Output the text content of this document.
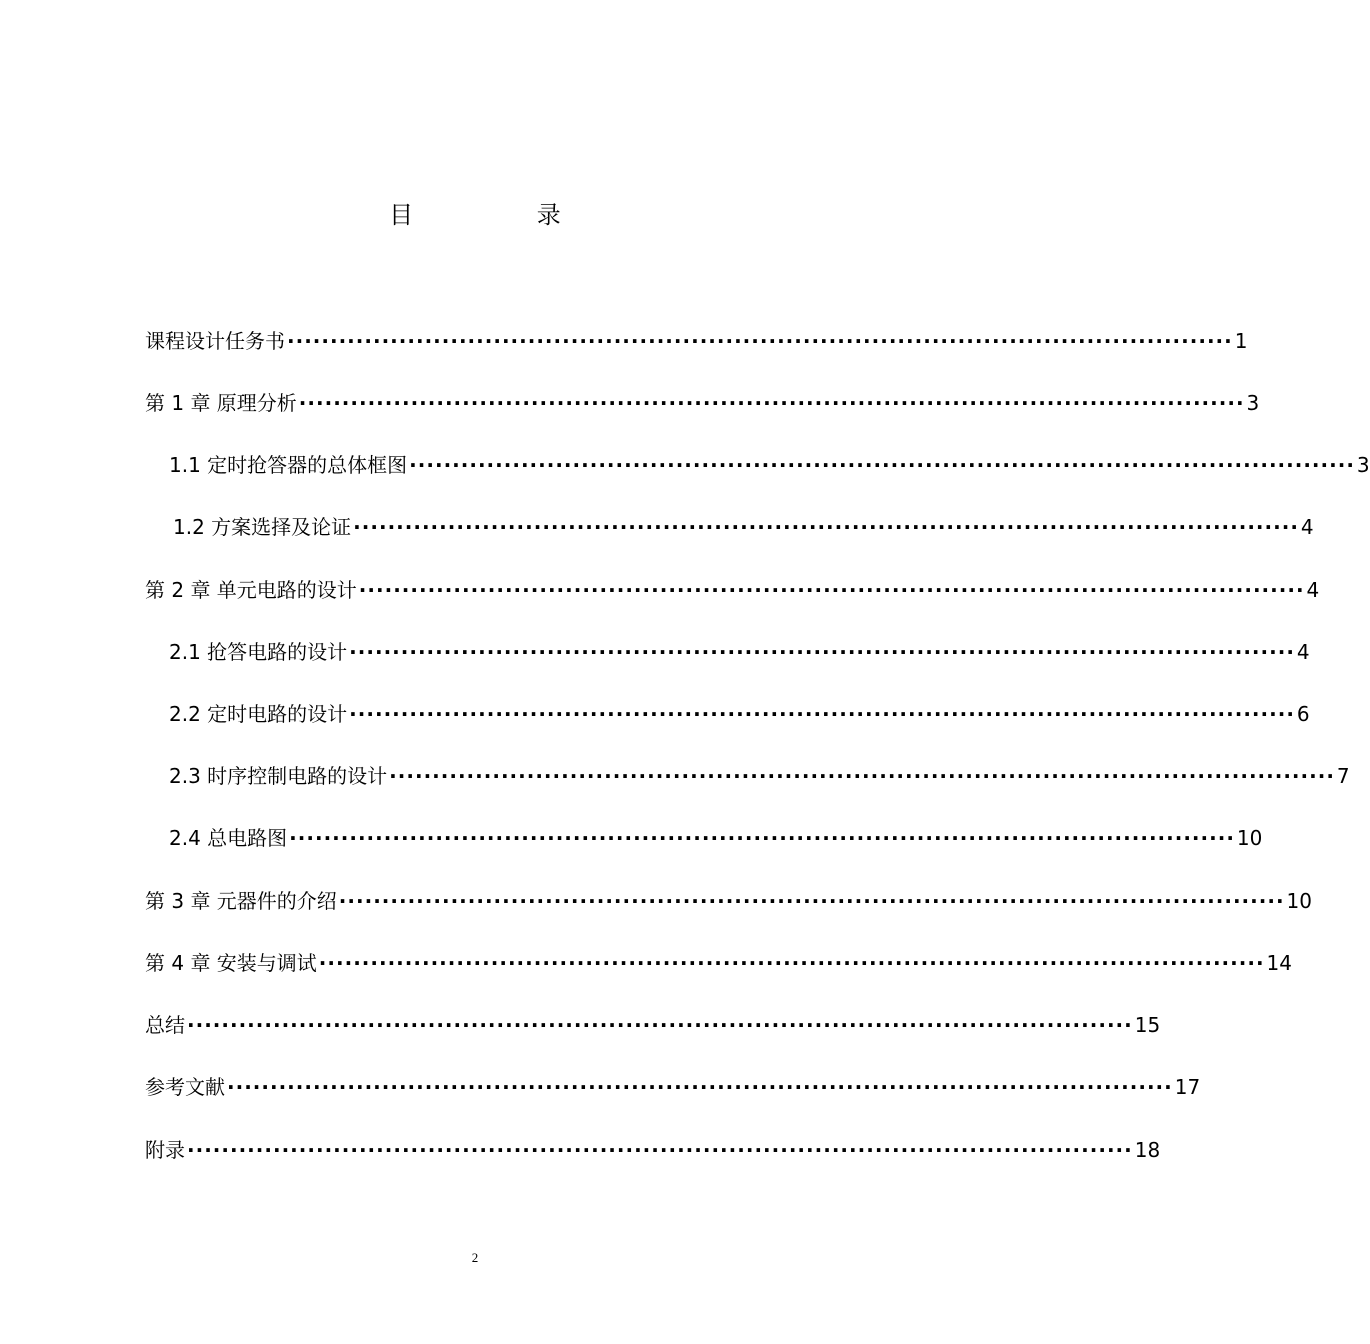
目 录
课程设计任务书 ·············································································································· 1
第 1 章 原理分析 ·············································································································· 3
1.1 定时抢答器的总体框图 ·············································································································· 3
1.2 方案选择及论证 ·············································································································· 4
第 2 章 单元电路的设计 ·············································································································· 4
2.1 抢答电路的设计 ·············································································································· 4
2.2 定时电路的设计 ·············································································································· 6
2.3 时序控制电路的设计 ·············································································································· 7
2.4 总电路图 ·············································································································· 10
第 3 章 元器件的介绍 ·············································································································· 10
第 4 章 安装与调试 ·············································································································· 14
总结 ·············································································································· 15
参考文献 ·············································································································· 17
附录 ·············································································································· 18
2
